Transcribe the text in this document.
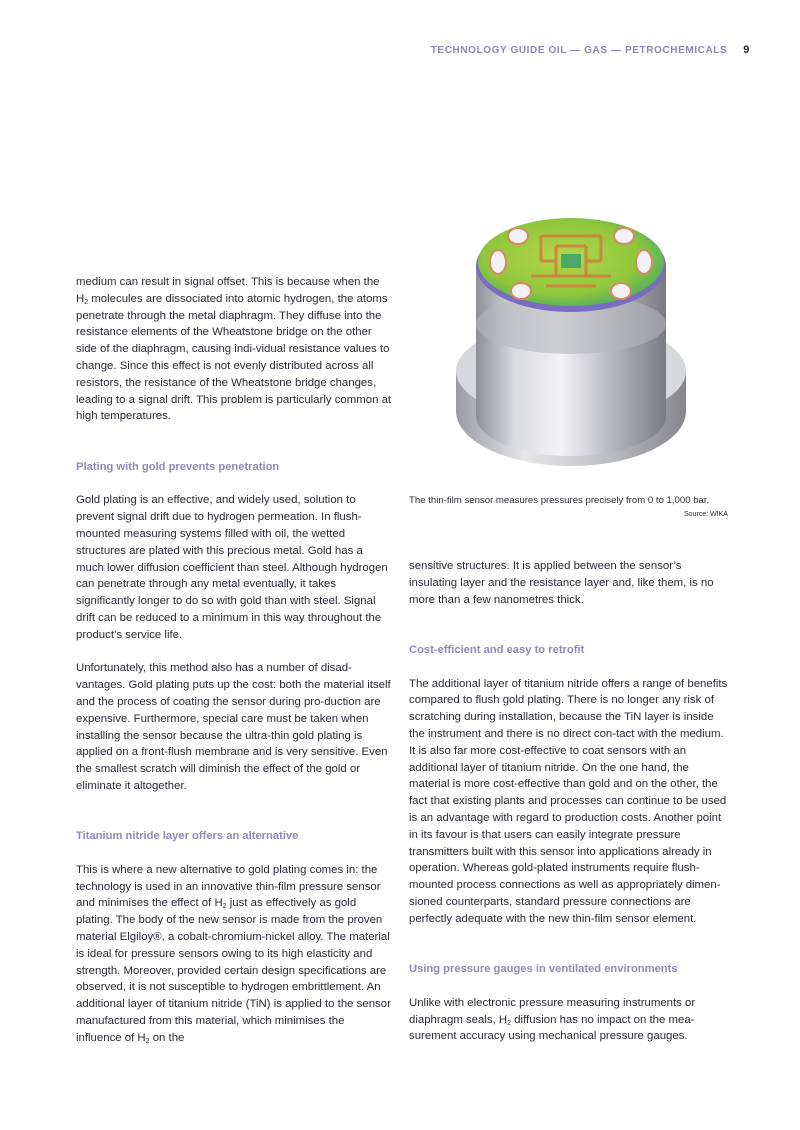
TECHNOLOGY GUIDE OIL — GAS — PETROCHEMICALS 9
The thin-film sensor measures pressures precisely from 0 to 1,000 bar.
Source: WIKA

medium can result in signal offset. This is because when the $H_2$ molecules are dissociated into atomic hydrogen, the atoms penetrate through the metal diaphragm. They diffuse into the resistance elements of the Wheatstone bridge on the other side of the diaphragm, causing indi-vidual resistance values to change. Since this effect is not evenly distributed across all resistors, the resistance of the Wheatstone bridge changes, leading to a signal drift. This problem is particularly common at high temperatures.

Plating with gold prevents penetration

Gold plating is an effective, and widely used, solution to prevent signal drift due to hydrogen permeation. In flush-mounted measuring systems filled with oil, the wetted structures are plated with this precious metal. Gold has a much lower diffusion coefficient than steel. Although hydrogen can penetrate through any metal eventually, it takes significantly longer to do so with gold than with steel. Signal drift can be reduced to a minimum in this way throughout the product’s service life.

Unfortunately, this method also has a number of disad-vantages. Gold plating puts up the cost: both the material itself and the process of coating the sensor during pro-duction are expensive. Furthermore, special care must be taken when installing the sensor because the ultra-thin gold plating is applied on a front-flush membrane and is very sensitive. Even the smallest scratch will diminish the effect of the gold or eliminate it altogether.

Titanium nitride layer offers an alternative

This is where a new alternative to gold plating comes in: the technology is used in an innovative thin-film pressure sensor and minimises the effect of $H_2$ just as effectively as gold plating. The body of the new sensor is made from the proven material Elgiloy®, a cobalt-chromium-nickel alloy. The material is ideal for pressure sensors owing to its high elasticity and strength. Moreover, provided certain design specifications are observed, it is not susceptible to hydrogen embrittlement. An additional layer of titanium nitride (TiN) is applied to the sensor manufactured from this material, which minimises the influence of $H_2$ on the

sensitive structures. It is applied between the sensor’s insulating layer and the resistance layer and, like them, is no more than a few nanometres thick.

Cost-efficient and easy to retrofit

The additional layer of titanium nitride offers a range of benefits compared to flush gold plating. There is no longer any risk of scratching during installation, because the TiN layer is inside the instrument and there is no direct con-tact with the medium. It is also far more cost-effective to coat sensors with an additional layer of titanium nitride. On the one hand, the material is more cost-effective than gold and on the other, the fact that existing plants and processes can continue to be used is an advantage with regard to production costs. Another point in its favour is that users can easily integrate pressure transmitters built with this sensor into applications already in operation. Whereas gold-plated instruments require flush-mounted process connections as well as appropriately dimen-sioned counterparts, standard pressure connections are perfectly adequate with the new thin-film sensor element.

Using pressure gauges in ventilated environments

Unlike with electronic pressure measuring instruments or diaphragm seals, $H_2$ diffusion has no impact on the mea-surement accuracy using mechanical pressure gauges.
